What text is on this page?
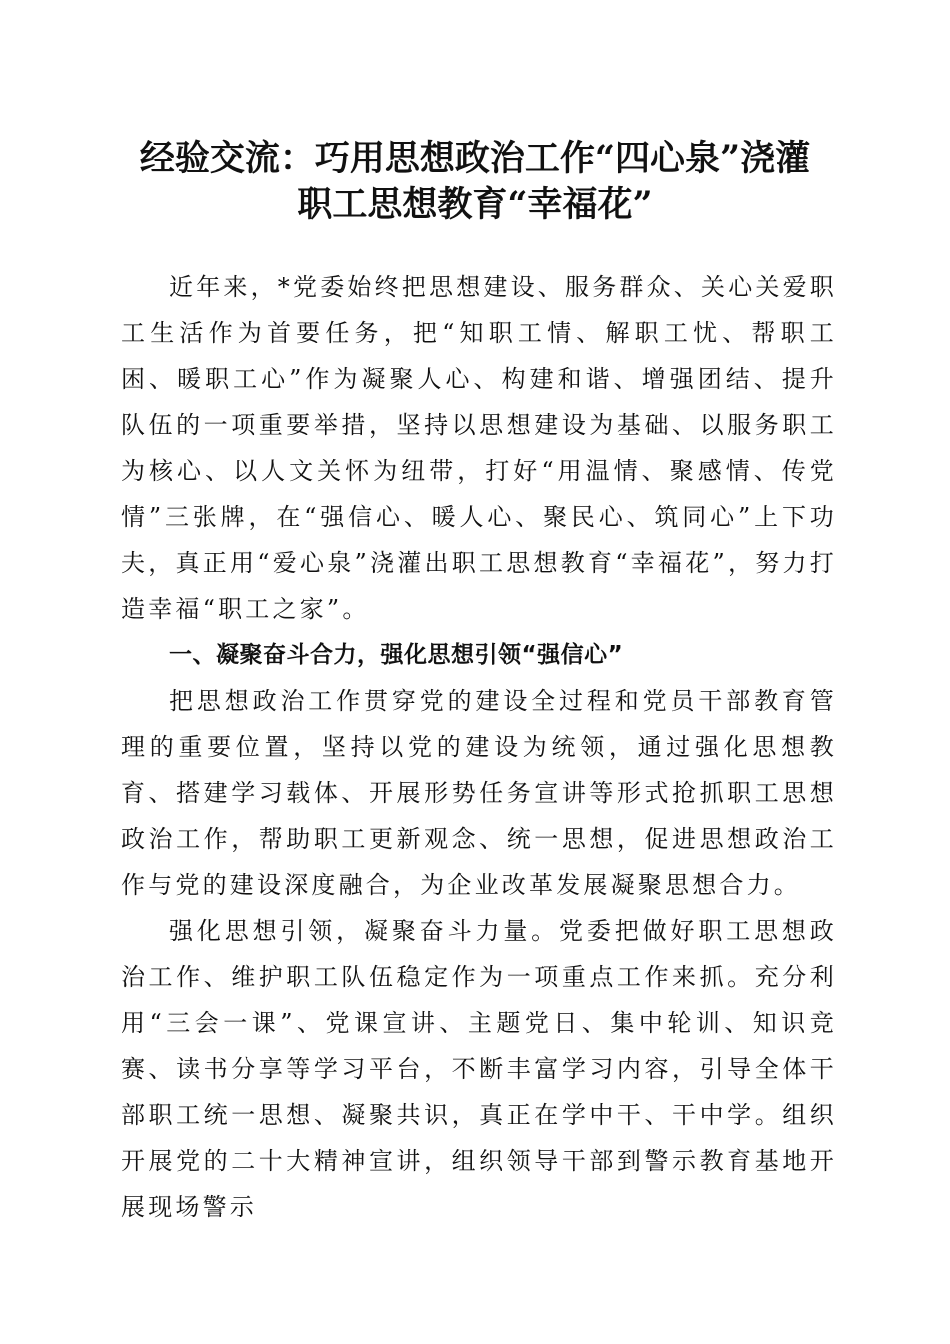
经验交流：巧用思想政治工作“四心泉”浇灌
职工思想教育“幸福花”

近年来，*党委始终把思想建设、服务群众、关心关爱职工生活作为首要任务，把“知职工情、解职工忧、帮职工困、暖职工心”作为凝聚人心、构建和谐、增强团结、提升队伍的一项重要举措，坚持以思想建设为基础、以服务职工为核心、以人文关怀为纽带，打好“用温情、聚感情、传党情”三张牌，在“强信心、暖人心、聚民心、筑同心”上下功夫，真正用“爱心泉”浇灌出职工思想教育“幸福花”，努力打造幸福“职工之家”。

一、凝聚奋斗合力，强化思想引领“强信心”

把思想政治工作贯穿党的建设全过程和党员干部教育管理的重要位置，坚持以党的建设为统领，通过强化思想教育、搭建学习载体、开展形势任务宣讲等形式抢抓职工思想政治工作，帮助职工更新观念、统一思想，促进思想政治工作与党的建设深度融合，为企业改革发展凝聚思想合力。

强化思想引领，凝聚奋斗力量。党委把做好职工思想政治工作、维护职工队伍稳定作为一项重点工作来抓。充分利用“三会一课”、党课宣讲、主题党日、集中轮训、知识竞赛、读书分享等学习平台，不断丰富学习内容，引导全体干部职工统一思想、凝聚共识，真正在学中干、干中学。组织开展党的二十大精神宣讲，组织领导干部到警示教育基地开展现场警示
